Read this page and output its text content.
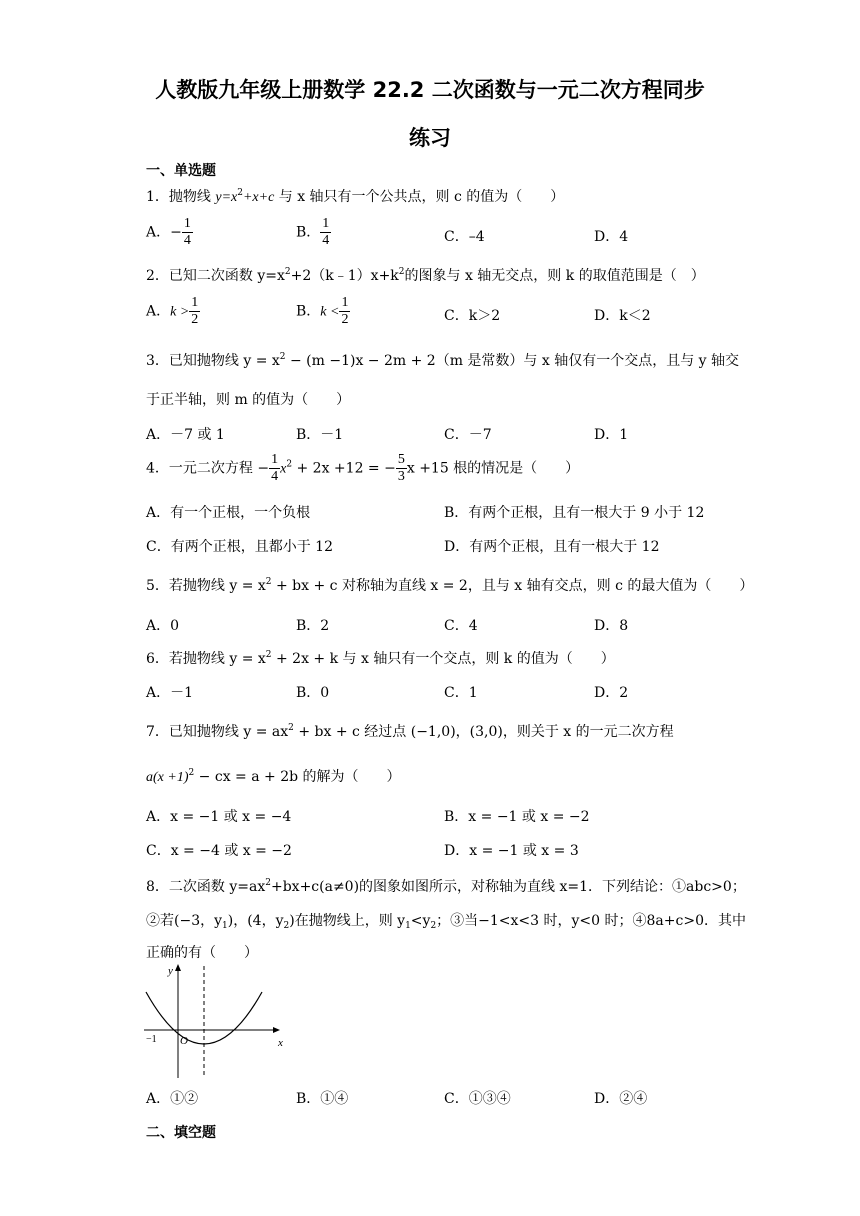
人教版九年级上册数学 22.2 二次函数与一元二次方程同步
练习
一、单选题
1．抛物线 $y=x^2+x+c$ 与 x 轴只有一个公共点，则 c 的值为（　　）
A．− $\frac{1}{4}$	B． $\frac{1}{4}$	C．–4	D．4
2．已知二次函数 $y=x^2+2(k﹣1)x+k^2$的图象与 x 轴无交点，则 k 的取值范围是（　）
A．$k > \frac{1}{2}$	B．$k < \frac{1}{2}$	C．k＞2	D．k＜2
3．已知抛物线 $y = x^2 - (m -1)x - 2m + 2(m$ 是常数）与 x 轴仅有一个交点，且与 y 轴交
于正半轴，则 m 的值为（　　）
A．－7 或 1	B．－1	C．－7	D．1
4．一元二次方程 − $\frac{1}{4} x^2 + 2x +12$ = − $\frac{5}{3}$ x +15 根的情况是（　　）
A．有一个正根，一个负根	B．有两个正根，且有一根大于 9 小于 12
C．有两个正根，且都小于 12	D．有两个正根，且有一根大于 12
5．若抛物线 $y = x^2$ + bx + c 对称轴为直线 x = 2，且与 x 轴有交点，则 c 的最大值为（　　）
A．0	B．2	C．4	D．8
6．若抛物线 $y = x^2 + 2x + k$ 与 x 轴只有一个交点，则 k 的值为（　　）
A．－1	B．0	C．1	D．2
7．已知抛物线 $y = ax^2$ + bx + c 经过点 (−1,0)，(3,0)，则关于 x 的一元二次方程
$a(x +1)^2$ − cx = a + 2b 的解为（　　）
A．x = −1 或 x = −4	B．x = −1 或 x = −2
C．x = −4 或 x = −2	D．x = −1 或 x = 3
8．二次函数 $y=ax^2+bx+c(a\ne 0)$的图象如图所示，对称轴为直线 x=1．下列结论：①abc>0；
②若(−3，$y_1$)，(4，$y_2$)在抛物线上，则 $y_1<y_2$；③当−1<x<3 时，y<0 时；④8a+c>0．其中
正确的有（　　）
y
x
O
−1
A．①②	B．①④	C．①③④	D．②④
二、填空题
